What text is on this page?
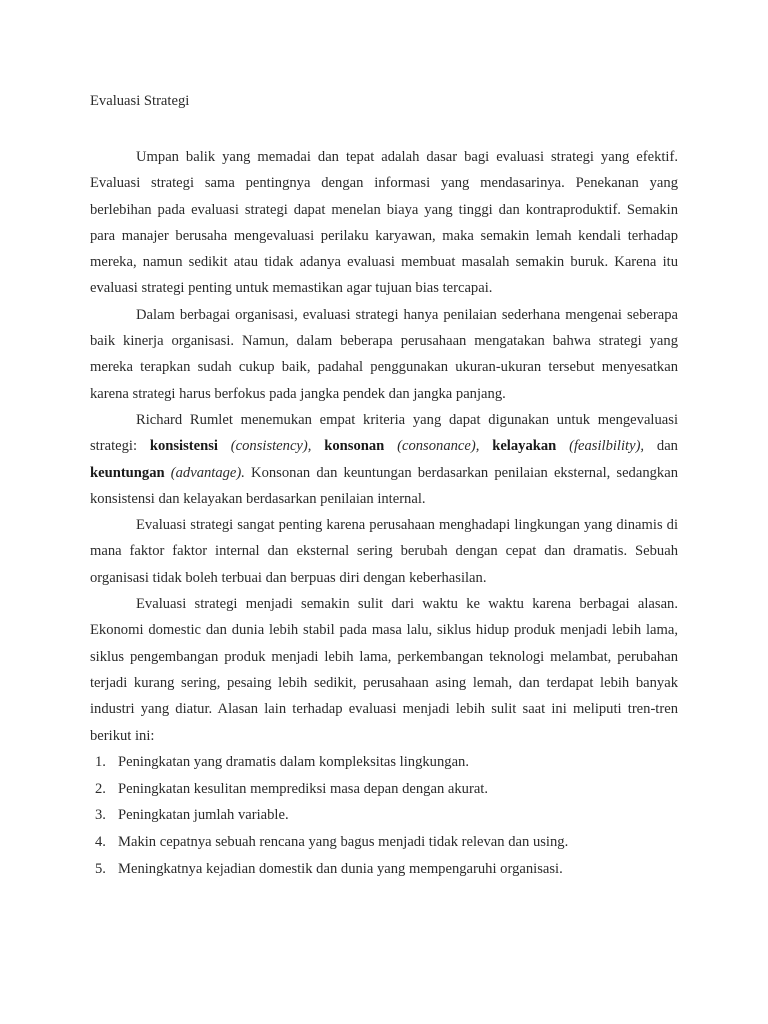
Evaluasi Strategi

Umpan balik yang memadai dan tepat adalah dasar bagi evaluasi strategi yang efektif. Evaluasi strategi sama pentingnya dengan informasi yang mendasarinya. Penekanan yang berlebihan pada evaluasi strategi dapat menelan biaya yang tinggi dan kontraproduktif. Semakin para manajer berusaha mengevaluasi perilaku karyawan, maka semakin lemah kendali terhadap mereka, namun sedikit atau tidak adanya evaluasi membuat masalah semakin buruk. Karena itu evaluasi strategi penting untuk memastikan agar tujuan bias tercapai.

Dalam berbagai organisasi, evaluasi strategi hanya penilaian sederhana mengenai seberapa baik kinerja organisasi. Namun, dalam beberapa perusahaan mengatakan bahwa strategi yang mereka terapkan sudah cukup baik, padahal penggunakan ukuran-ukuran tersebut menyesatkan karena strategi harus berfokus pada jangka pendek dan jangka panjang.

Richard Rumlet menemukan empat kriteria yang dapat digunakan untuk mengevaluasi strategi: konsistensi (consistency), konsonan (consonance), kelayakan (feasilbility), dan keuntungan (advantage). Konsonan dan keuntungan berdasarkan penilaian eksternal, sedangkan konsistensi dan kelayakan berdasarkan penilaian internal.

Evaluasi strategi sangat penting karena perusahaan menghadapi lingkungan yang dinamis di mana faktor faktor internal dan eksternal sering berubah dengan cepat dan dramatis. Sebuah organisasi tidak boleh terbuai dan berpuas diri dengan keberhasilan.

Evaluasi strategi menjadi semakin sulit dari waktu ke waktu karena berbagai alasan. Ekonomi domestic dan dunia lebih stabil pada masa lalu, siklus hidup produk menjadi lebih lama, siklus pengembangan produk menjadi lebih lama, perkembangan teknologi melambat, perubahan terjadi kurang sering, pesaing lebih sedikit, perusahaan asing lemah, dan terdapat lebih banyak industri yang diatur. Alasan lain terhadap evaluasi menjadi lebih sulit saat ini meliputi tren-tren berikut ini:

1. Peningkatan yang dramatis dalam kompleksitas lingkungan.
2. Peningkatan kesulitan memprediksi masa depan dengan akurat.
3. Peningkatan jumlah variable.
4. Makin cepatnya sebuah rencana yang bagus menjadi tidak relevan dan using.
5. Meningkatnya kejadian domestik dan dunia yang mempengaruhi organisasi.
